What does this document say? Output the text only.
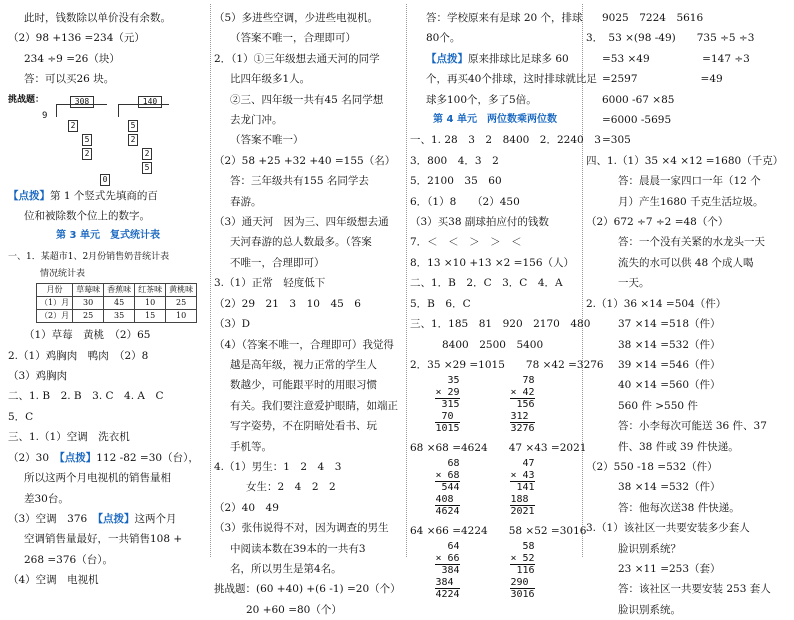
此时，钱数除以单价没有余数。
（2）98 +136 =234（元）
234 ÷9 =26（块）
答：可以买26 块。
挑战题：	308	140
9
2
5
2
5
2
2
5
0
【点拨】第 1 个竖式先填商的百
位和被除数个位上的数字。
第 3 单元　复式统计表
一、1．某超市1、2月份销售奶昔统计表
情况统计表
月份	草莓味	香蕉味	红茶味	黄桃味
（1）月	30	45	10	25
（2）月	25	35	15	10
（1）草莓　黄桃　（2）65
2.（1）鸡胸肉　鸭肉　（2）8
（3）鸡胸肉
二、1. B　2. B　3. C　4. A　C
5．C
三、1.（1）空调　洗衣机
（2）30　【点拨】112 -82 =30（台），
所以这两个月电视机的销售量相
差30台。
（3）空调　376　【点拨】这两个月
空调销售量最好，一共销售108 +
268 =376（台）。
（4）空调　电视机
（5）多进些空调，少进些电视机。
（答案不唯一，合理即可）
2．（1）①三年级想去通天河的同学
比四年级多1人。
②三、四年级一共有45 名同学想
去龙门冲。
（答案不唯一）
（2）58 +25 +32 +40 =155（名）
答：三年级共有155 名同学去
春游。
（3）通天河　因为三、四年级想去通
天河春游的总人数最多。（答案
不唯一，合理即可）
3.（1）正常　轻度低下
（2）29　21　3　10　45　6
（3）D
（4）（答案不唯一，合理即可）我觉得
越是高年级，视力正常的学生人
数越少，可能跟平时的用眼习惯
有关。我们要注意爱护眼睛，如端正
写字姿势，不在阴暗处看书、玩
手机等。
4.（1）男生：1　2　4　3
女生：2　4　2　2
（2）40　49
（3）张伟说得不对，因为调查的男生
中阅读本数在39本的一共有3
名，所以男生是第4名。
挑战题：(60 +40) +(6 -1) =20（个）
20 +60 =80（个）
答：学校原来有是球 20 个，排球
80个。
【点拨】原来排球比足球多 60
个，再买40个排球，这时排球就比足
球多100个，多了5倍。
第 4 单元　两位数乘两位数
一、1. 28　3　2　8400　2．2240　3
3．800　4．3　2
5．2100　35　60
6．（1）8　　（2）450
（3）买38 副球拍应付的钱数
7．＜　＜　＞　＞　＜
8．13 ×10 +13 ×2 =156（人）
二、1．B　2．C　3．C　4．A
5．B　6．C
三、1．185　81　920　2170　480
8400　2500　5400
2．35 ×29 =1015　　78 ×42 =3276
35
× 29
315
70
1015
78
× 42
156
312
3276
68 ×68 =4624　　47 ×43 =2021
68
× 68
544
408
4624
47
× 43
141
188
2021
64 ×66 =4224　　58 ×52 =3016
64
× 66
384
384
4224
58
× 52
116
290
3016
9025　7224　5616
3．　53 ×(98 -49)　　735 ÷5 ÷3
=53 ×49　　　　　=147 ÷3
=2597　　　　　　=49
6000 -67 ×85
=6000 -5695
=305
四、1.（1）35 ×4 ×12 =1680（千克）
答：晨晨一家四口一年（12 个
月）产生1680 千克生活垃圾。
（2）672 ÷7 ÷2 =48（个）
答：一个没有关紧的水龙头一天
流失的水可以供 48 个成人喝
一天。
2.（1）36 ×14 =504（件）
37 ×14 =518（件）
38 ×14 =532（件）
39 ×14 =546（件）
40 ×14 =560（件）
560 件 >550 件
答：小李每次可能送 36 件、37
件、38 件或 39 件快递。
（2）550 -18 =532（件）
38 ×14 =532（件）
答：他每次送38 件快递。
3.（1）该社区一共要安装多少套人
脸识别系统？
23 ×11 =253（套）
答：该社区一共要安装 253 套人
脸识别系统。
